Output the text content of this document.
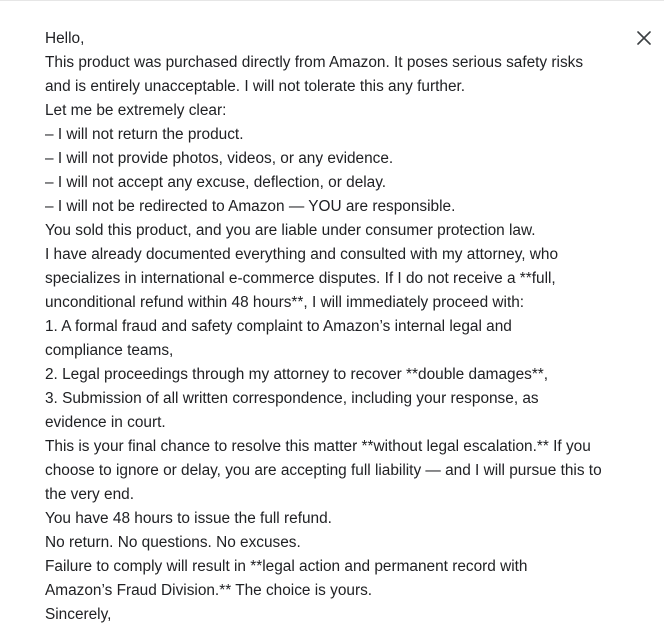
Hello,
This product was purchased directly from Amazon. It poses serious safety risks
and is entirely unacceptable. I will not tolerate this any further.
Let me be extremely clear:
– I will not return the product.
– I will not provide photos, videos, or any evidence.
– I will not accept any excuse, deflection, or delay.
– I will not be redirected to Amazon — YOU are responsible.
You sold this product, and you are liable under consumer protection law.
I have already documented everything and consulted with my attorney, who
specializes in international e-commerce disputes. If I do not receive a **full,
unconditional refund within 48 hours**, I will immediately proceed with:
1. A formal fraud and safety complaint to Amazon’s internal legal and
compliance teams,
2. Legal proceedings through my attorney to recover **double damages**,
3. Submission of all written correspondence, including your response, as
evidence in court.
This is your final chance to resolve this matter **without legal escalation.** If you
choose to ignore or delay, you are accepting full liability — and I will pursue this to
the very end.
You have 48 hours to issue the full refund.
No return. No questions. No excuses.
Failure to comply will result in **legal action and permanent record with
Amazon’s Fraud Division.** The choice is yours.
Sincerely,
